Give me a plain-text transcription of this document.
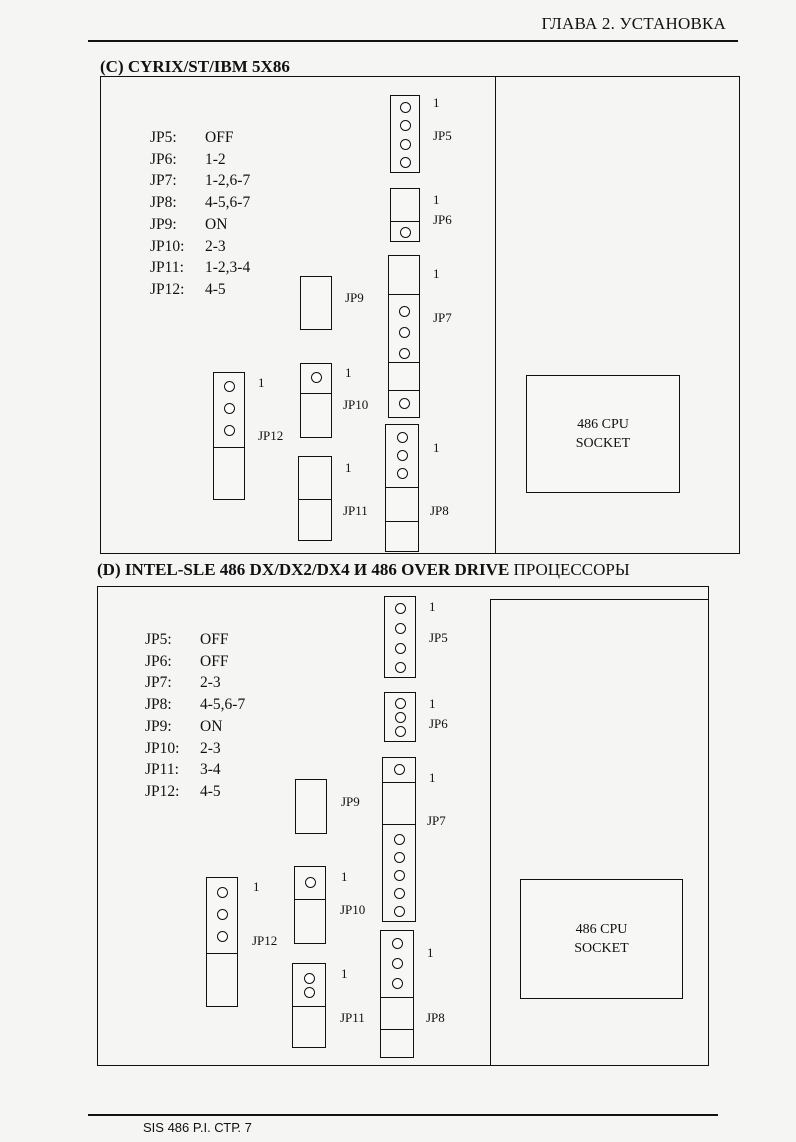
ГЛАВА 2. УСТАНОВКА

(C) CYRIX/ST/IBM 5X86
JP5:	OFF
JP6:	1-2
JP7:	1-2,6-7
JP8:	4-5,6-7
JP9:	ON
JP10:	2-3
JP11:	1-2,3-4
JP12:	4-5
1
JP5
1
JP6
1
JP7
1
JP8
JP9
1
JP10
1
JP11
1
JP12
486 CPU
SOCKET
(D) INTEL-SLE 486 DX/DX2/DX4 И 486 OVER DRIVE ПРОЦЕССОРЫ
JP5:	OFF
JP6:	OFF
JP7:	2-3
JP8:	4-5,6-7
JP9:	ON
JP10:	2-3
JP11:	3-4
JP12:	4-5
1
JP5
1
JP6
1
JP7
1
JP8
JP9
1
JP10
1
JP11
1
JP12
486 CPU
SOCKET
SIS 486 P.I. СТР. 7
